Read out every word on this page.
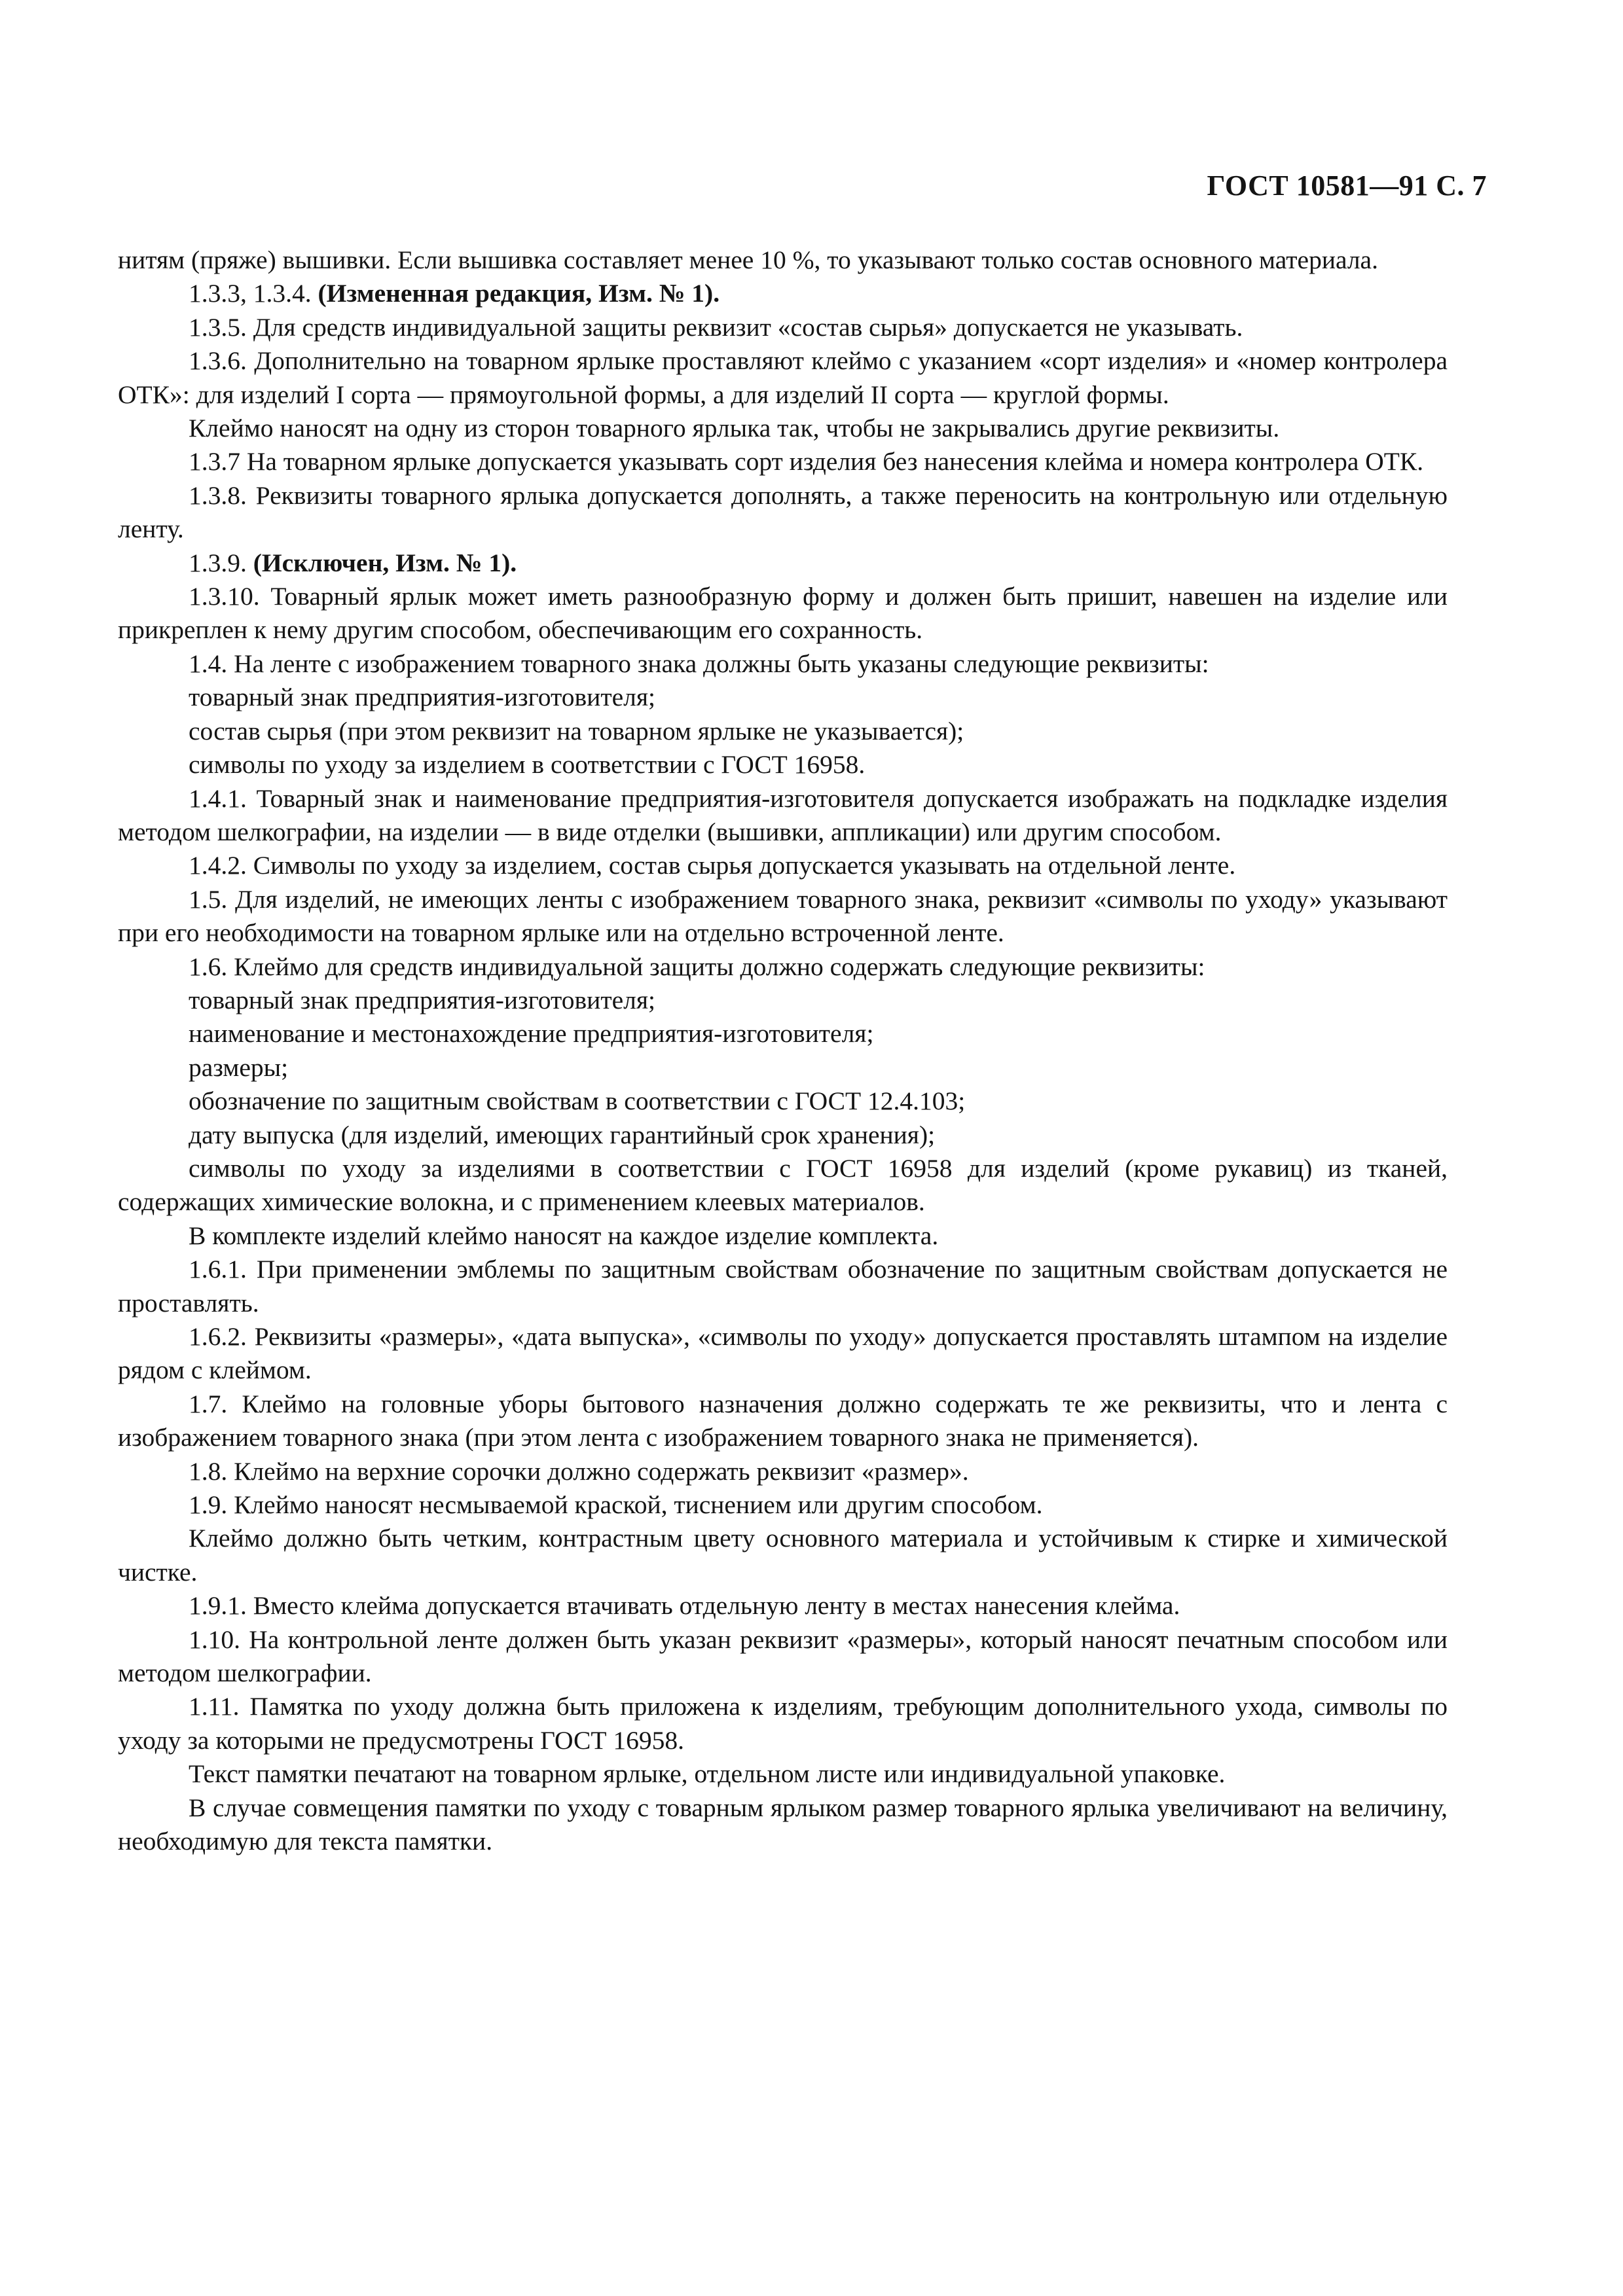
ГОСТ 10581—91 С. 7

нитям (пряже) вышивки. Если вышивка составляет менее 10 %, то указывают только состав основного материала.

1.3.3, 1.3.4. (Измененная редакция, Изм. № 1).

1.3.5. Для средств индивидуальной защиты реквизит «состав сырья» допускается не указывать.

1.3.6. Дополнительно на товарном ярлыке проставляют клеймо с указанием «сорт изделия» и «номер контролера ОТК»: для изделий I сорта — прямоугольной формы, а для изделий II сорта — круглой формы.

Клеймо наносят на одну из сторон товарного ярлыка так, чтобы не закрывались другие реквизиты.

1.3.7 На товарном ярлыке допускается указывать сорт изделия без нанесения клейма и номера контролера ОТК.

1.3.8. Реквизиты товарного ярлыка допускается дополнять, а также переносить на контрольную или отдельную ленту.

1.3.9. (Исключен, Изм. № 1).

1.3.10. Товарный ярлык может иметь разнообразную форму и должен быть пришит, навешен на изделие или прикреплен к нему другим способом, обеспечивающим его сохранность.

1.4. На ленте с изображением товарного знака должны быть указаны следующие реквизиты:

товарный знак предприятия-изготовителя;

состав сырья (при этом реквизит на товарном ярлыке не указывается);

символы по уходу за изделием в соответствии с ГОСТ 16958.

1.4.1. Товарный знак и наименование предприятия-изготовителя допускается изображать на подкладке изделия методом шелкографии, на изделии — в виде отделки (вышивки, аппликации) или другим способом.

1.4.2. Символы по уходу за изделием, состав сырья допускается указывать на отдельной ленте.

1.5. Для изделий, не имеющих ленты с изображением товарного знака, реквизит «символы по уходу» указывают при его необходимости на товарном ярлыке или на отдельно встроченной ленте.

1.6. Клеймо для средств индивидуальной защиты должно содержать следующие реквизиты:

товарный знак предприятия-изготовителя;

наименование и местонахождение предприятия-изготовителя;

размеры;

обозначение по защитным свойствам в соответствии с ГОСТ 12.4.103;

дату выпуска (для изделий, имеющих гарантийный срок хранения);

символы по уходу за изделиями в соответствии с ГОСТ 16958 для изделий (кроме рукавиц) из тканей, содержащих химические волокна, и с применением клеевых материалов.

В комплекте изделий клеймо наносят на каждое изделие комплекта.

1.6.1. При применении эмблемы по защитным свойствам обозначение по защитным свойствам допускается не проставлять.

1.6.2. Реквизиты «размеры», «дата выпуска», «символы по уходу» допускается проставлять штампом на изделие рядом с клеймом.

1.7. Клеймо на головные уборы бытового назначения должно содержать те же реквизиты, что и лента с изображением товарного знака (при этом лента с изображением товарного знака не применяется).

1.8. Клеймо на верхние сорочки должно содержать реквизит «размер».

1.9. Клеймо наносят несмываемой краской, тиснением или другим способом.

Клеймо должно быть четким, контрастным цвету основного материала и устойчивым к стирке и химической чистке.

1.9.1. Вместо клейма допускается втачивать отдельную ленту в местах нанесения клейма.

1.10. На контрольной ленте должен быть указан реквизит «размеры», который наносят печатным способом или методом шелкографии.

1.11. Памятка по уходу должна быть приложена к изделиям, требующим дополнительного ухода, символы по уходу за которыми не предусмотрены ГОСТ 16958.

Текст памятки печатают на товарном ярлыке, отдельном листе или индивидуальной упаковке.

В случае совмещения памятки по уходу с товарным ярлыком размер товарного ярлыка увеличивают на величину, необходимую для текста памятки.
